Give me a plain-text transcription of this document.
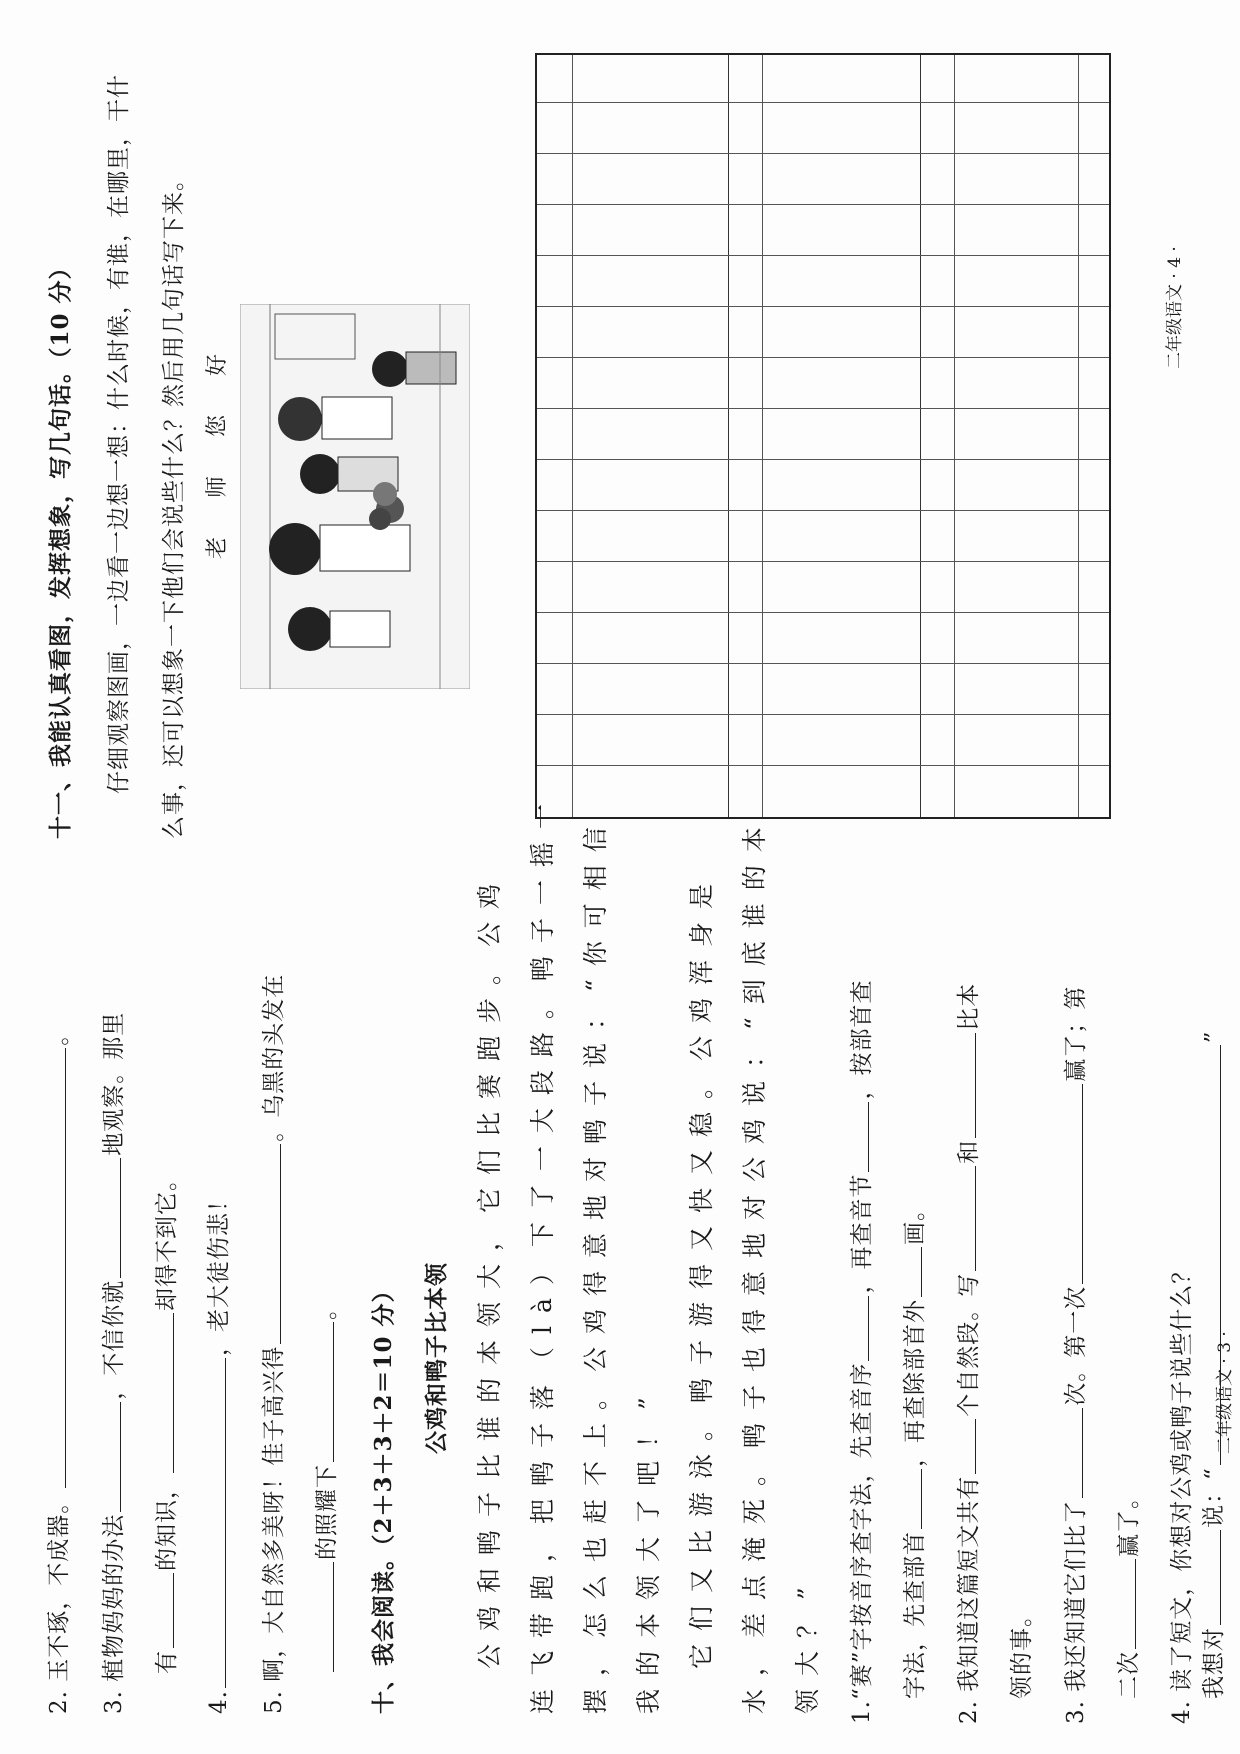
2. 玉不琢，不成器。。
3. 植物妈妈的办法，不信你就地观察。那里
有的知识，却得不到它。
4.，老大徒伤悲！
5. 啊，大自然多美呀！佳子高兴得。乌黑的头发在
的照耀下。 十、我会阅读。（2＋3＋3＋2＝10 分） 公鸡和鸭子比本领 公鸡和鸭子比谁的本领大，它们比赛跑步。公鸡 连飞带跑，把鸭子落（là）下了一大段路。鸭子一摇一 摆，怎么也赶不上。公鸡得意地对鸭子说：“你可相信 我的本领大了吧！” 它们又比游泳。鸭子游得又快又稳。公鸡浑身是 水，差点淹死。鸭子也得意地对公鸡说：“到底谁的本 领大？” 1.“赛”字按音序查字法，先查音序，再查音节，按部首查
字法，先查部首，再查除部首外画。
2. 我知道这篇短文共有个自然段。写和比本
领的事。 3. 我还知道它们比了次。第一次赢了；第
二次赢了。 4. 读了短文，你想对公鸡或鸭子说些什么？ 我想对说：“”
二年级语文 · 3 ·
十一、我能认真看图，发挥想象，写几句话。（10 分） 仔细观察图画，一边看一边想一想：什么时候，有谁，在哪里，干什 么事，还可以想象一下他们会说些什么？然后用几句话写下来。 老 师 您 好
二年级语文 · 4 ·
